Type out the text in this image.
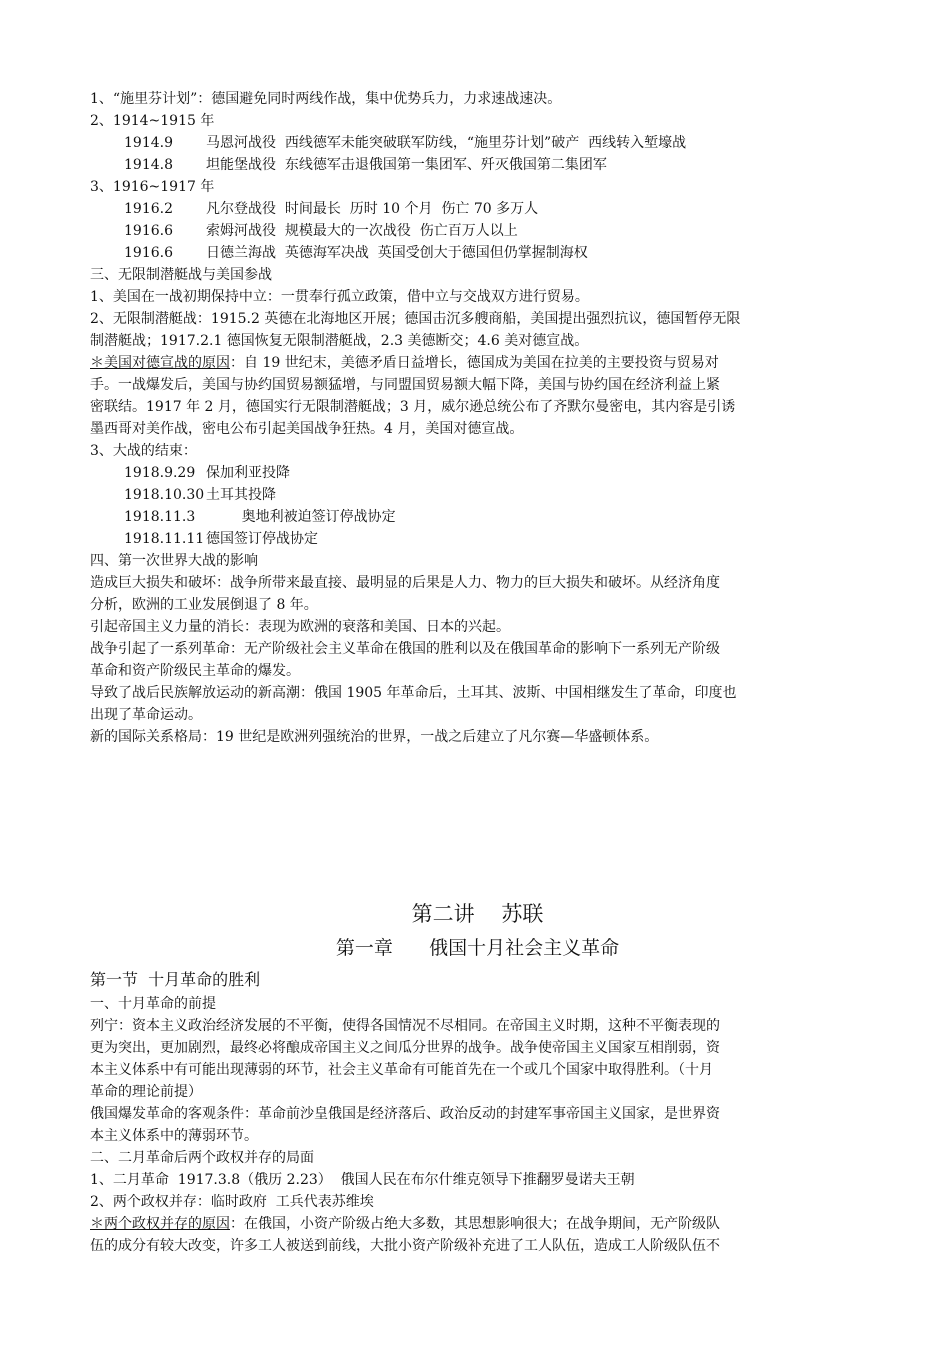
1、“施里芬计划”：德国避免同时两线作战，集中优势兵力，力求速战速决。

2、1914~1915 年

1914.9 马恩河战役  西线德军未能突破联军防线，“施里芬计划”破产  西线转入堑壕战

1914.8 坦能堡战役  东线德军击退俄国第一集团军、歼灭俄国第二集团军

3、1916~1917 年

1916.2 凡尔登战役  时间最长  历时 10 个月  伤亡 70 多万人

1916.6 索姆河战役  规模最大的一次战役  伤亡百万人以上

1916.6 日德兰海战  英德海军决战  英国受创大于德国但仍掌握制海权

三、无限制潜艇战与美国参战

1、美国在一战初期保持中立：一贯奉行孤立政策，借中立与交战双方进行贸易。

2、无限制潜艇战：1915.2 英德在北海地区开展；德国击沉多艘商船，美国提出强烈抗议，德国暂停无限

制潜艇战；1917.2.1 德国恢复无限制潜艇战，2.3 美德断交；4.6 美对德宣战。

＊美国对德宣战的原因：自 19 世纪末，美德矛盾日益增长，德国成为美国在拉美的主要投资与贸易对

手。一战爆发后，美国与协约国贸易额猛增，与同盟国贸易额大幅下降，美国与协约国在经济利益上紧

密联结。1917 年 2 月，德国实行无限制潜艇战；3 月，威尔逊总统公布了齐默尔曼密电，其内容是引诱

墨西哥对美作战，密电公布引起美国战争狂热。4 月，美国对德宣战。

3、大战的结束：

1918.9.29 保加利亚投降

1918.10.30 土耳其投降

1918.11.3        奥地利被迫签订停战协定

1918.11.11 德国签订停战协定

四、第一次世界大战的影响

造成巨大损失和破坏：战争所带来最直接、最明显的后果是人力、物力的巨大损失和破坏。从经济角度

分析，欧洲的工业发展倒退了 8 年。

引起帝国主义力量的消长：表现为欧洲的衰落和美国、日本的兴起。

战争引起了一系列革命：无产阶级社会主义革命在俄国的胜利以及在俄国革命的影响下一系列无产阶级

革命和资产阶级民主革命的爆发。

导致了战后民族解放运动的新高潮：俄国 1905 年革命后，土耳其、波斯、中国相继发生了革命，印度也

出现了革命运动。

新的国际关系格局：19 世纪是欧洲列强统治的世界，一战之后建立了凡尔赛—华盛顿体系。

第二讲    苏联

第一章      俄国十月社会主义革命

第一节  十月革命的胜利

一、十月革命的前提

列宁：资本主义政治经济发展的不平衡，使得各国情况不尽相同。在帝国主义时期，这种不平衡表现的

更为突出，更加剧烈，最终必将酿成帝国主义之间瓜分世界的战争。战争使帝国主义国家互相削弱，资

本主义体系中有可能出现薄弱的环节，社会主义革命有可能首先在一个或几个国家中取得胜利。（十月

革命的理论前提）

俄国爆发革命的客观条件：革命前沙皇俄国是经济落后、政治反动的封建军事帝国主义国家，是世界资

本主义体系中的薄弱环节。

二、二月革命后两个政权并存的局面

1、二月革命  1917.3.8（俄历 2.23）  俄国人民在布尔什维克领导下推翻罗曼诺夫王朝

2、两个政权并存：临时政府  工兵代表苏维埃

＊两个政权并存的原因：在俄国，小资产阶级占绝大多数，其思想影响很大；在战争期间，无产阶级队

伍的成分有较大改变，许多工人被送到前线，大批小资产阶级补充进了工人队伍，造成工人阶级队伍不
